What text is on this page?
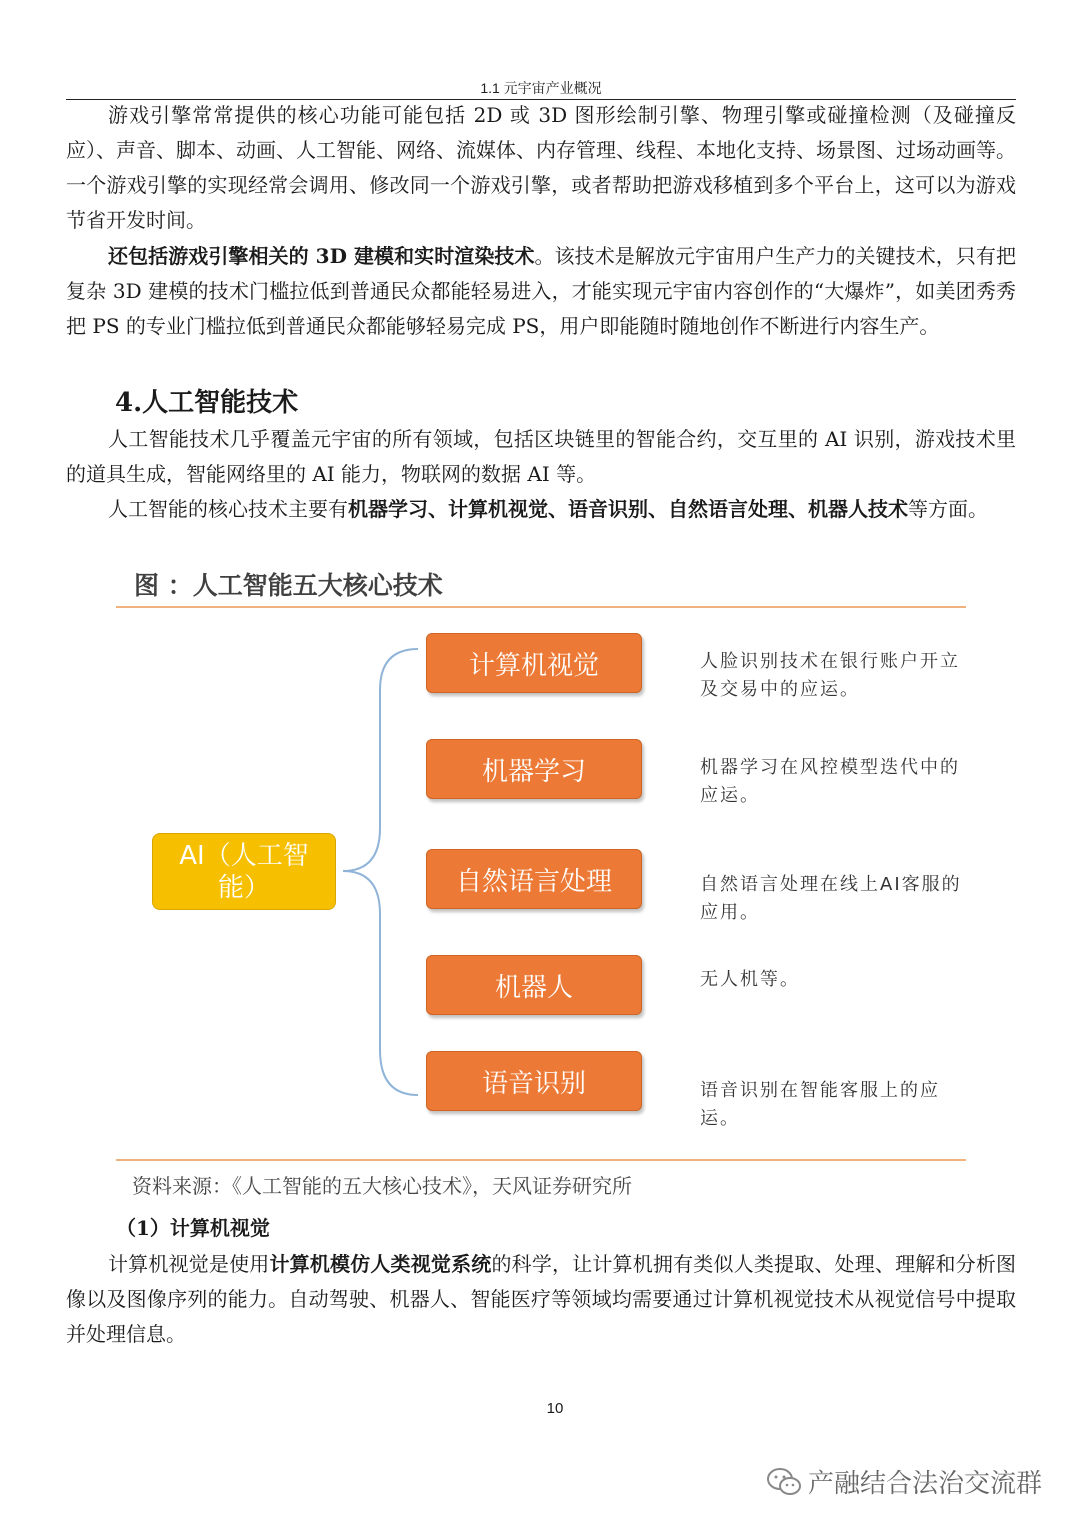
1.1 元宇宙产业概况

游戏引擎常常提供的核心功能可能包括 2D 或 3D 图形绘制引擎、物理引擎或碰撞检测（及碰撞反应）、声音、脚本、动画、人工智能、网络、流媒体、内存管理、线程、本地化支持、场景图、过场动画等。一个游戏引擎的实现经常会调用、修改同一个游戏引擎，或者帮助把游戏移植到多个平台上，这可以为游戏节省开发时间。

还包括游戏引擎相关的 3D 建模和实时渲染技术。该技术是解放元宇宙用户生产力的关键技术，只有把复杂 3D 建模的技术门槛拉低到普通民众都能轻易进入，才能实现元宇宙内容创作的“大爆炸”，如美团秀秀把 PS 的专业门槛拉低到普通民众都能够轻易完成 PS，用户即能随时随地创作不断进行内容生产。

4.人工智能技术

人工智能技术几乎覆盖元宇宙的所有领域，包括区块链里的智能合约，交互里的 AI 识别，游戏技术里的道具生成，智能网络里的 AI 能力，物联网的数据 AI 等。

人工智能的核心技术主要有机器学习、计算机视觉、语音识别、自然语言处理、机器人技术等方面。

图 ：人工智能五大核心技术
AI（人工智能）
计算机视觉
机器学习
自然语言处理
机器人
语音识别
人脸识别技术在银行账户开立及交易中的应运。
机器学习在风控模型迭代中的应运。
自然语言处理在线上AI客服的应用。
无人机等。
语音识别在智能客服上的应运。
资料来源：《人工智能的五大核心技术》，天风证券研究所
（1）计算机视觉

计算机视觉是使用计算机模仿人类视觉系统的科学，让计算机拥有类似人类提取、处理、理解和分析图像以及图像序列的能力。自动驾驶、机器人、智能医疗等领域均需要通过计算机视觉技术从视觉信号中提取并处理信息。

10
产融结合法治交流群
